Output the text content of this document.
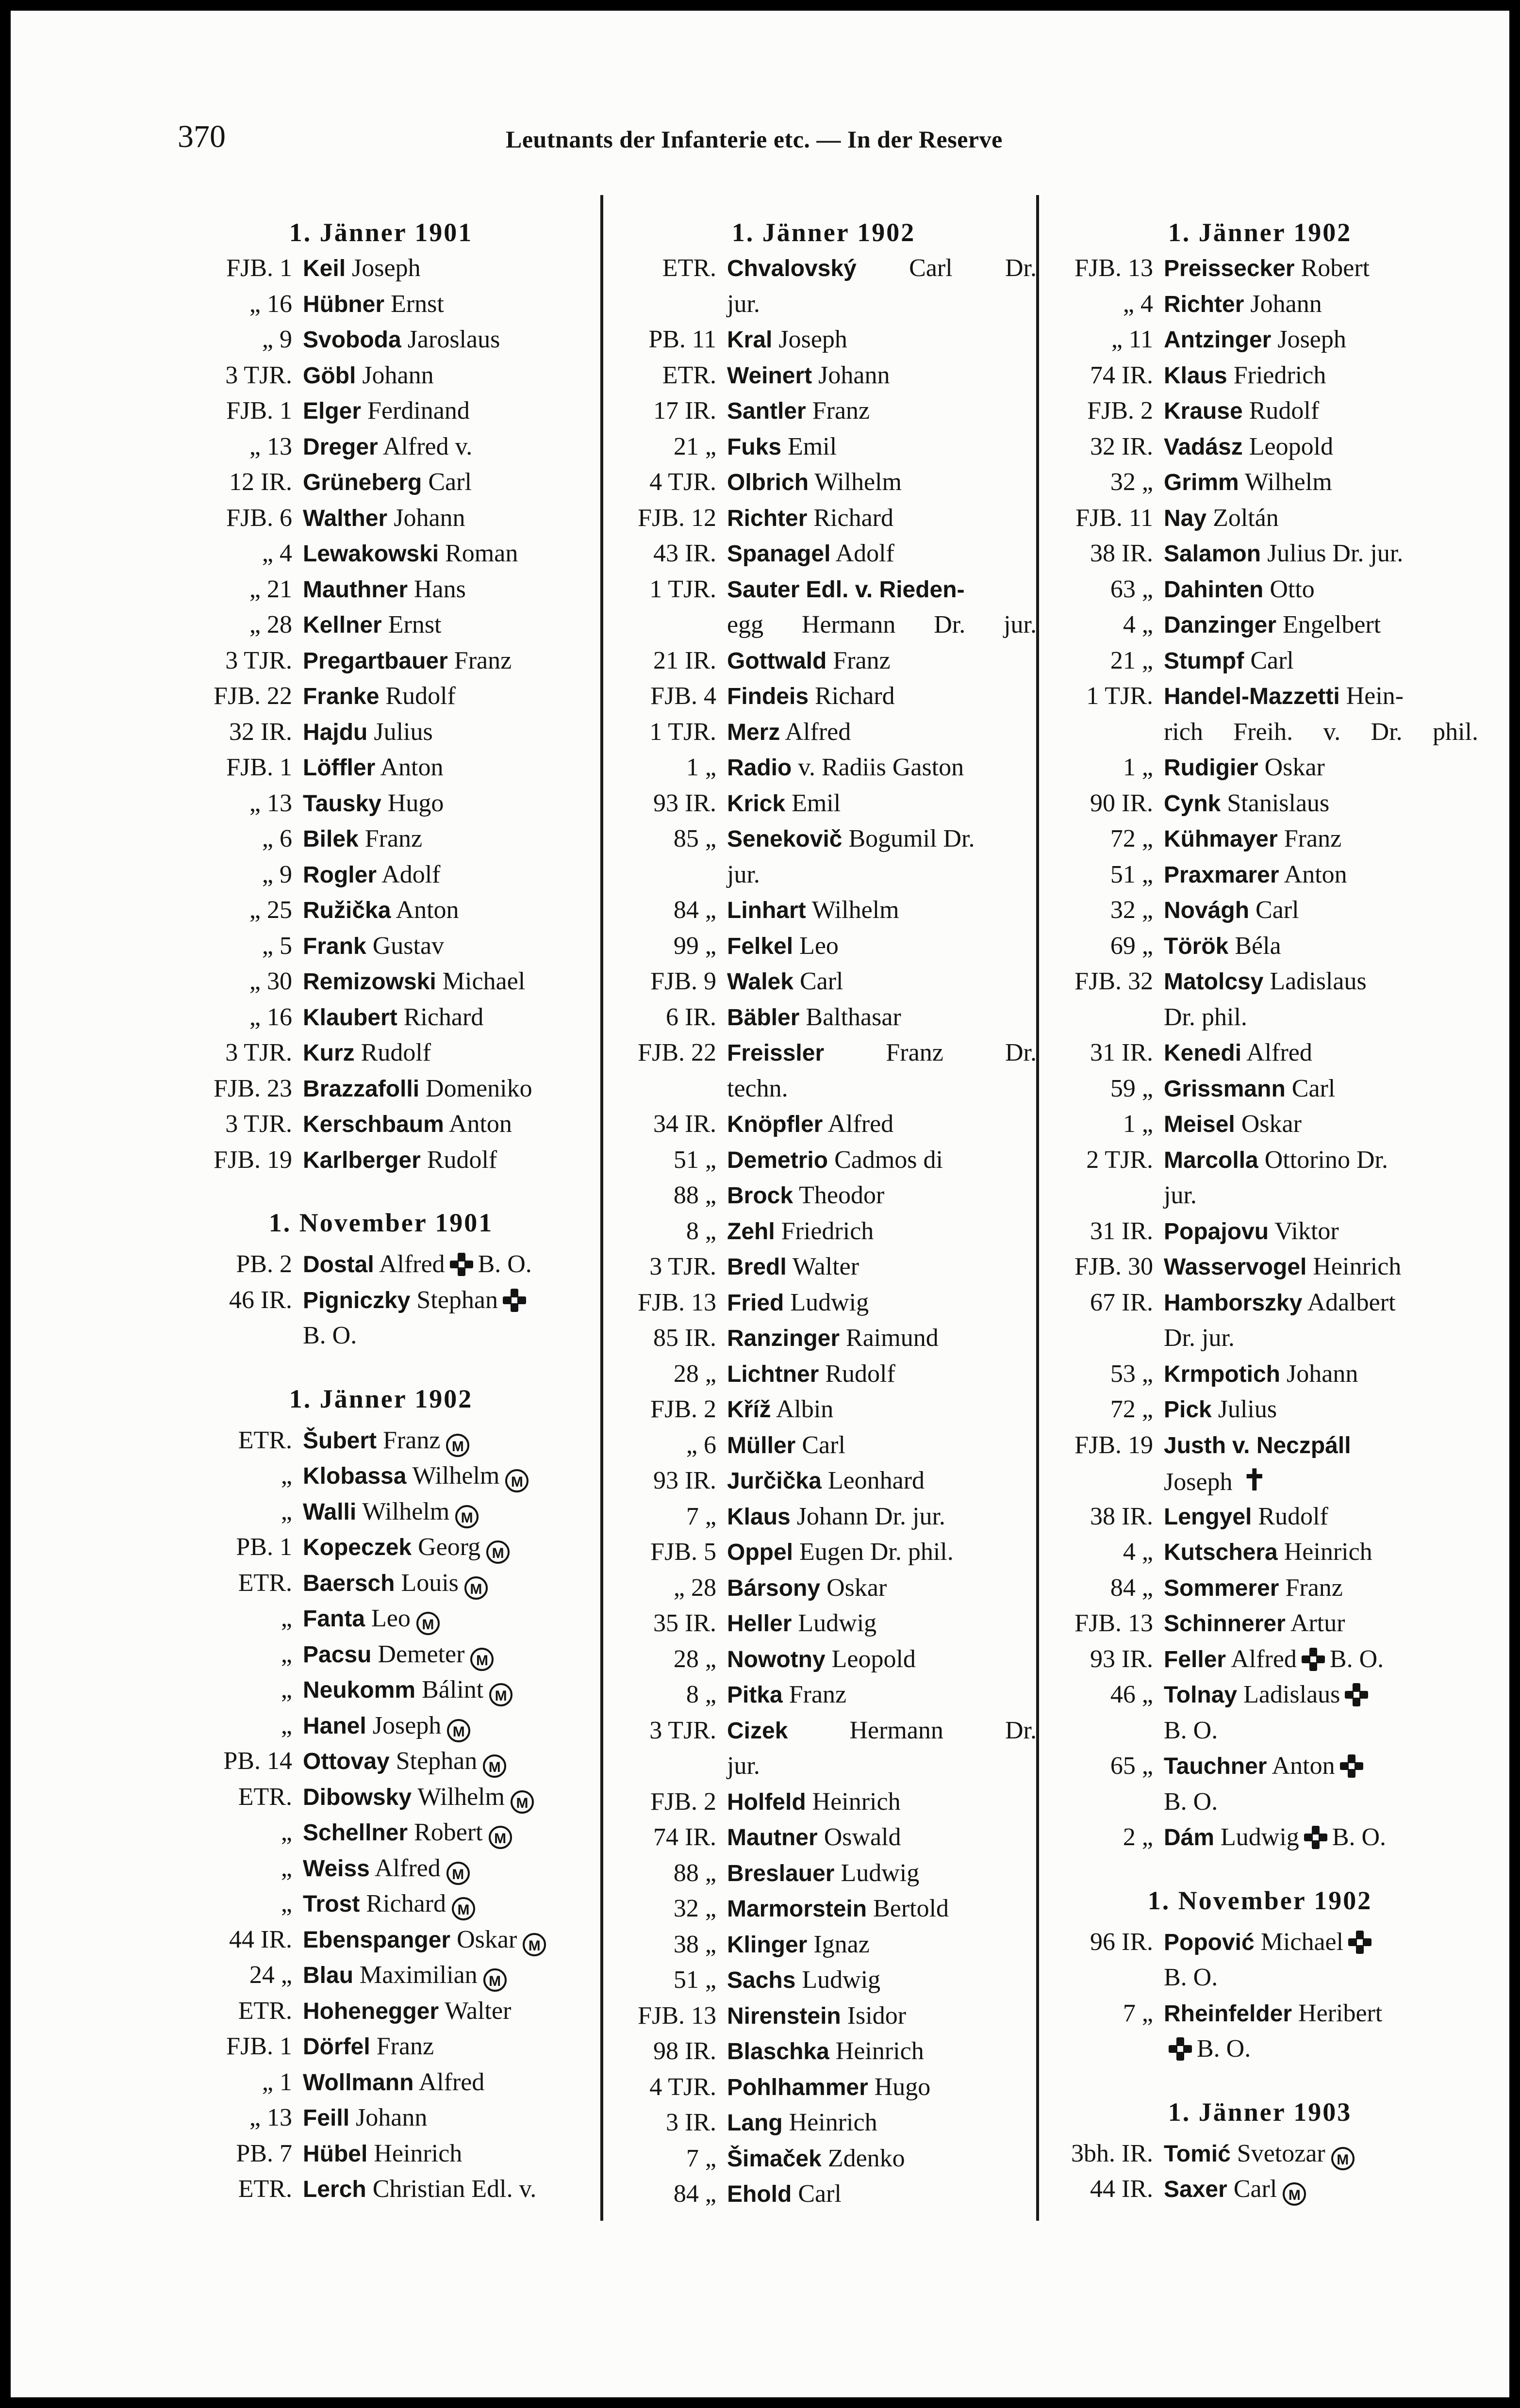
370	Leutnants der Infanterie etc. — In der Reserve
1. Jänner 1901
FJB. 1 Keil Joseph
„ 16 Hübner Ernst
„ 9 Svoboda Jaroslaus
3 TJR. Göbl Johann
FJB. 1 Elger Ferdinand
„ 13 Dreger Alfred v.
12 IR. Grüneberg Carl
FJB. 6 Walther Johann
„ 4 Lewakowski Roman
„ 21 Mauthner Hans
„ 28 Kellner Ernst
3 TJR. Pregartbauer Franz
FJB. 22 Franke Rudolf
32 IR. Hajdu Julius
FJB. 1 Löffler Anton
„ 13 Tausky Hugo
„ 6 Bilek Franz
„ 9 Rogler Adolf
„ 25 Ružička Anton
„ 5 Frank Gustav
„ 30 Remizowski Michael
„ 16 Klaubert Richard
3 TJR. Kurz Rudolf
FJB. 23 Brazzafolli Domeniko
3 TJR. Kerschbaum Anton
FJB. 19 Karlberger Rudolf
1. November 1901
PB. 2 Dostal Alfred B. O.
46 IR. Pigniczky Stephan
B. O.
1. Jänner 1902
ETR. Šubert Franz M
„ Klobassa Wilhelm M
„ Walli Wilhelm M
PB. 1 Kopeczek Georg M
ETR. Baersch Louis M
„ Fanta Leo M
„ Pacsu Demeter M
„ Neukomm Bálint M
„ Hanel Joseph M
PB. 14 Ottovay Stephan M
ETR. Dibowsky Wilhelm M
„ Schellner Robert M
„ Weiss Alfred M
„ Trost Richard M
44 IR. Ebenspanger Oskar M
24 „ Blau Maximilian M
ETR. Hohenegger Walter
FJB. 1 Dörfel Franz
„ 1 Wollmann Alfred
„ 13 Feill Johann
PB. 7 Hübel Heinrich
ETR. Lerch Christian Edl. v.
1. Jänner 1902
ETR. Chvalovský Carl Dr.
jur.
PB. 11 Kral Joseph
ETR. Weinert Johann
17 IR. Santler Franz
21 „ Fuks Emil
4 TJR. Olbrich Wilhelm
FJB. 12 Richter Richard
43 IR. Spanagel Adolf
1 TJR. Sauter Edl. v. Rieden-
egg Hermann Dr. jur.
21 IR. Gottwald Franz
FJB. 4 Findeis Richard
1 TJR. Merz Alfred
1 „ Radio v. Radiis Gaston
93 IR. Krick Emil
85 „ Senekovič Bogumil Dr.
jur.
84 „ Linhart Wilhelm
99 „ Felkel Leo
FJB. 9 Walek Carl
6 IR. Bäbler Balthasar
FJB. 22 Freissler Franz Dr.
techn.
34 IR. Knöpfler Alfred
51 „ Demetrio Cadmos di
88 „ Brock Theodor
8 „ Zehl Friedrich
3 TJR. Bredl Walter
FJB. 13 Fried Ludwig
85 IR. Ranzinger Raimund
28 „ Lichtner Rudolf
FJB. 2 Kříž Albin
„ 6 Müller Carl
93 IR. Jurčička Leonhard
7 „ Klaus Johann Dr. jur.
FJB. 5 Oppel Eugen Dr. phil.
„ 28 Bársony Oskar
35 IR. Heller Ludwig
28 „ Nowotny Leopold
8 „ Pitka Franz
3 TJR. Cizek Hermann Dr.
jur.
FJB. 2 Holfeld Heinrich
74 IR. Mautner Oswald
88 „ Breslauer Ludwig
32 „ Marmorstein Bertold
38 „ Klinger Ignaz
51 „ Sachs Ludwig
FJB. 13 Nirenstein Isidor
98 IR. Blaschka Heinrich
4 TJR. Pohlhammer Hugo
3 IR. Lang Heinrich
7 „ Šimaček Zdenko
84 „ Ehold Carl
1. Jänner 1902
FJB. 13 Preissecker Robert
„ 4 Richter Johann
„ 11 Antzinger Joseph
74 IR. Klaus Friedrich
FJB. 2 Krause Rudolf
32 IR. Vadász Leopold
32 „ Grimm Wilhelm
FJB. 11 Nay Zoltán
38 IR. Salamon Julius Dr. jur.
63 „ Dahinten Otto
4 „ Danzinger Engelbert
21 „ Stumpf Carl
1 TJR. Handel-Mazzetti Hein-
rich Freih. v. Dr. phil.
1 „ Rudigier Oskar
90 IR. Cynk Stanislaus
72 „ Kühmayer Franz
51 „ Praxmarer Anton
32 „ Novágh Carl
69 „ Török Béla
FJB. 32 Matolcsy Ladislaus
Dr. phil.
31 IR. Kenedi Alfred
59 „ Grissmann Carl
1 „ Meisel Oskar
2 TJR. Marcolla Ottorino Dr.
jur.
31 IR. Popajovu Viktor
FJB. 30 Wasservogel Heinrich
67 IR. Hamborszky Adalbert
Dr. jur.
53 „ Krmpotich Johann
72 „ Pick Julius
FJB. 19 Justh v. Neczpáll
Joseph ✝
38 IR. Lengyel Rudolf
4 „ Kutschera Heinrich
84 „ Sommerer Franz
FJB. 13 Schinnerer Artur
93 IR. Feller Alfred B. O.
46 „ Tolnay Ladislaus
B. O.
65 „ Tauchner Anton
B. O.
2 „ Dám Ludwig B. O.
1. November 1902
96 IR. Popović Michael
B. O.
7 „ Rheinfelder Heribert
B. O.
1. Jänner 1903
3bh. IR. Tomić Svetozar M
44 IR. Saxer Carl M
